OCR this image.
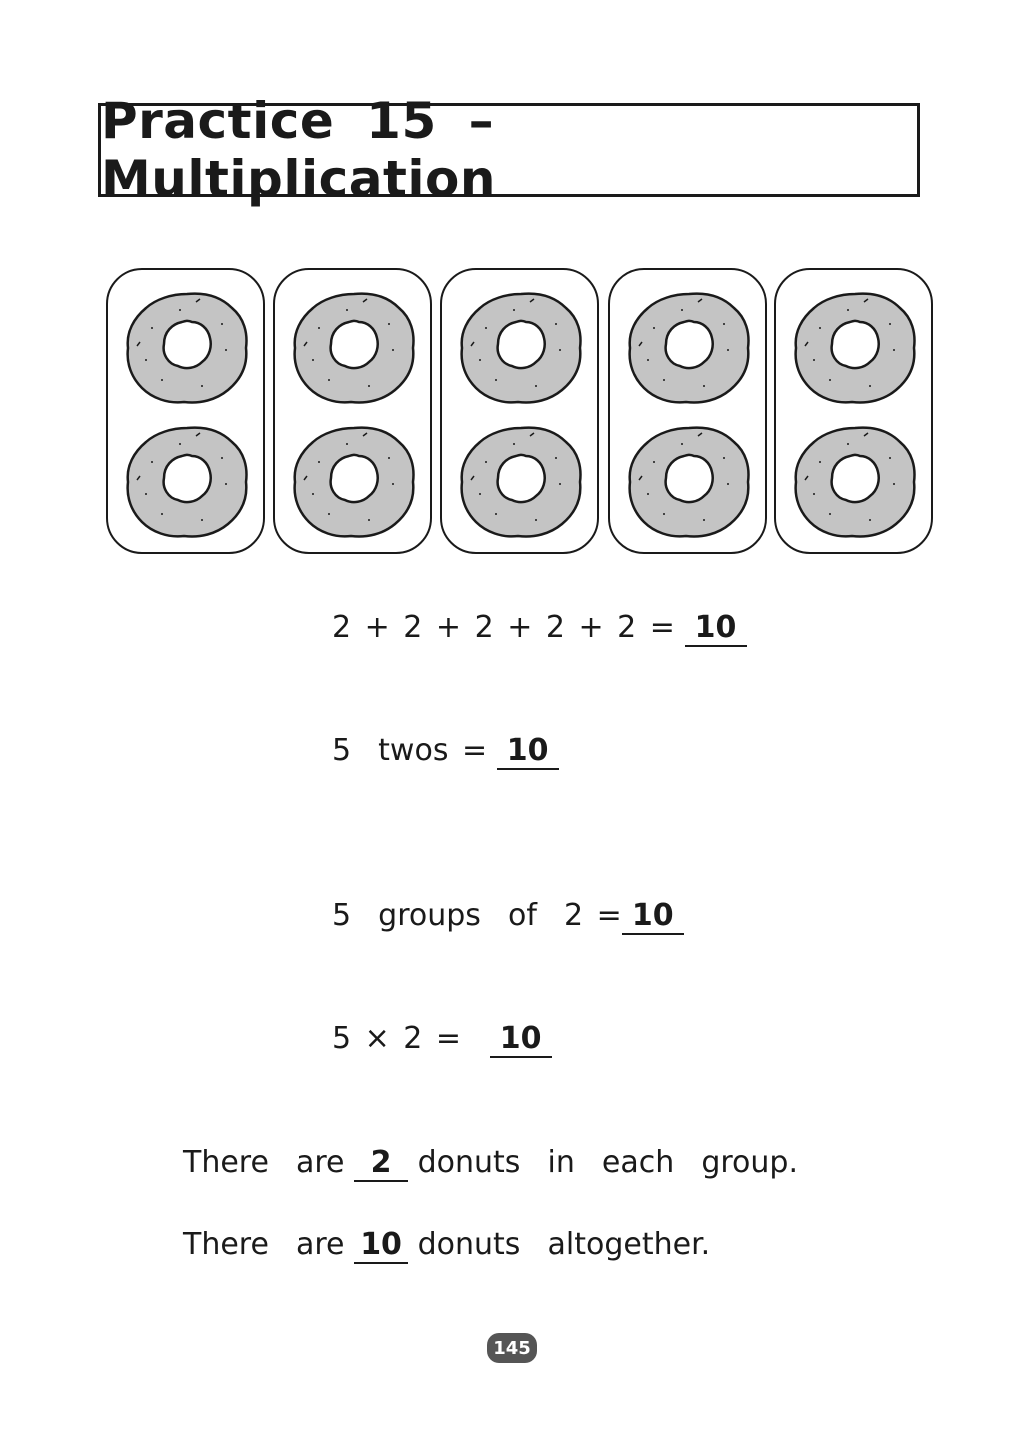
Practice 15 – Multiplication

2 + 2 + 2 + 2 + 2 = 10

5  twos = 10

5  groups  of  2 = 10

5 × 2 = 10

There  are 2 donuts  in  each  group.

There  are 10 donuts  altogether.

145
